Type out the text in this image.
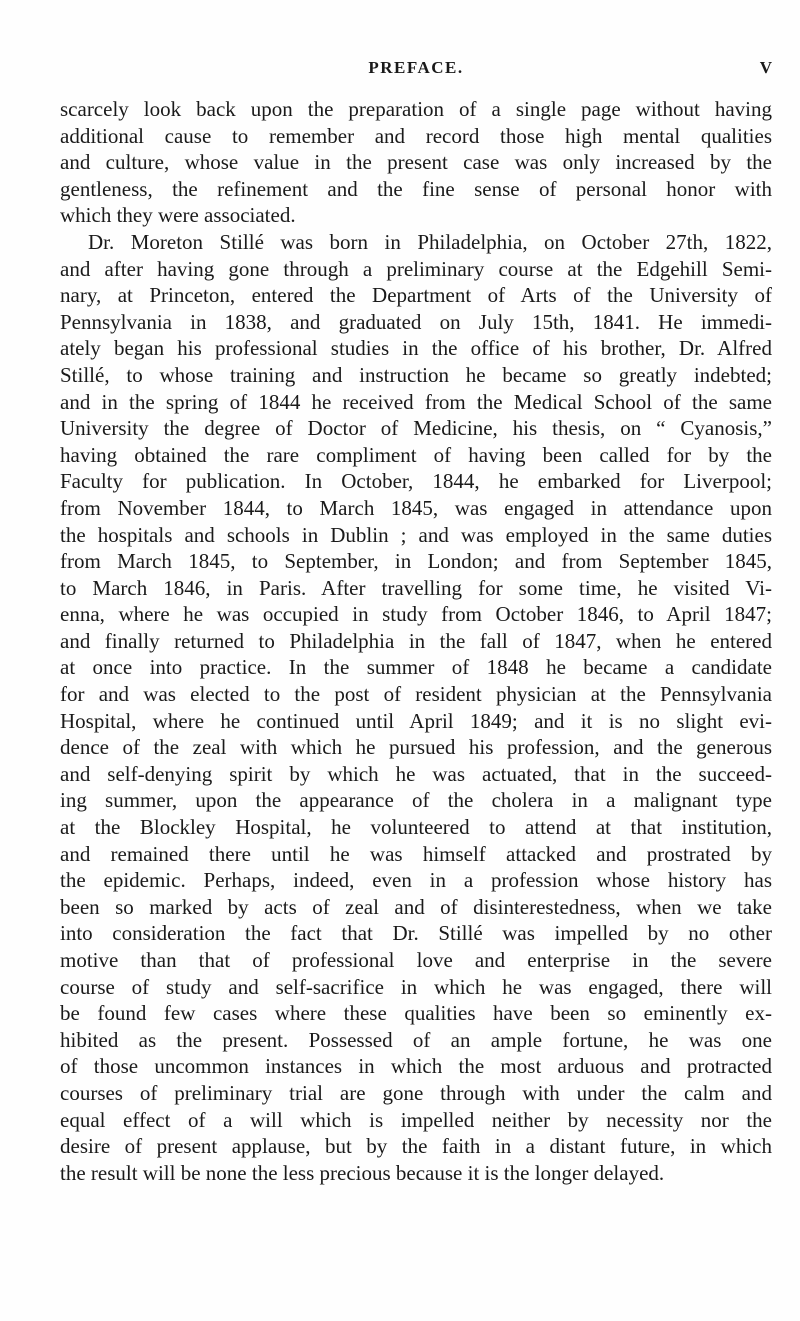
PREFACE.	V
scarcely look back upon the preparation of a single page without having
additional cause to remember and record those high mental qualities
and culture, whose value in the present case was only increased by the
gentleness, the refinement and the fine sense of personal honor with
which they were associated.
Dr. Moreton Stillé was born in Philadelphia, on October 27th, 1822,
and after having gone through a preliminary course at the Edgehill Semi-
nary, at Princeton, entered the Department of Arts of the University of
Pennsylvania in 1838, and graduated on July 15th, 1841. He immedi-
ately began his professional studies in the office of his brother, Dr. Alfred
Stillé, to whose training and instruction he became so greatly indebted;
and in the spring of 1844 he received from the Medical School of the same
University the degree of Doctor of Medicine, his thesis, on “ Cyanosis,”
having obtained the rare compliment of having been called for by the
Faculty for publication. In October, 1844, he embarked for Liverpool;
from November 1844, to March 1845, was engaged in attendance upon
the hospitals and schools in Dublin ; and was employed in the same duties
from March 1845, to September, in London; and from September 1845,
to March 1846, in Paris. After travelling for some time, he visited Vi-
enna, where he was occupied in study from October 1846, to April 1847;
and finally returned to Philadelphia in the fall of 1847, when he entered
at once into practice. In the summer of 1848 he became a candidate
for and was elected to the post of resident physician at the Pennsylvania
Hospital, where he continued until April 1849; and it is no slight evi-
dence of the zeal with which he pursued his profession, and the generous
and self-denying spirit by which he was actuated, that in the succeed-
ing summer, upon the appearance of the cholera in a malignant type
at the Blockley Hospital, he volunteered to attend at that institution,
and remained there until he was himself attacked and prostrated by
the epidemic. Perhaps, indeed, even in a profession whose history has
been so marked by acts of zeal and of disinterestedness, when we take
into consideration the fact that Dr. Stillé was impelled by no other
motive than that of professional love and enterprise in the severe
course of study and self-sacrifice in which he was engaged, there will
be found few cases where these qualities have been so eminently ex-
hibited as the present. Possessed of an ample fortune, he was one
of those uncommon instances in which the most arduous and protracted
courses of preliminary trial are gone through with under the calm and
equal effect of a will which is impelled neither by necessity nor the
desire of present applause, but by the faith in a distant future, in which
the result will be none the less precious because it is the longer delayed.
